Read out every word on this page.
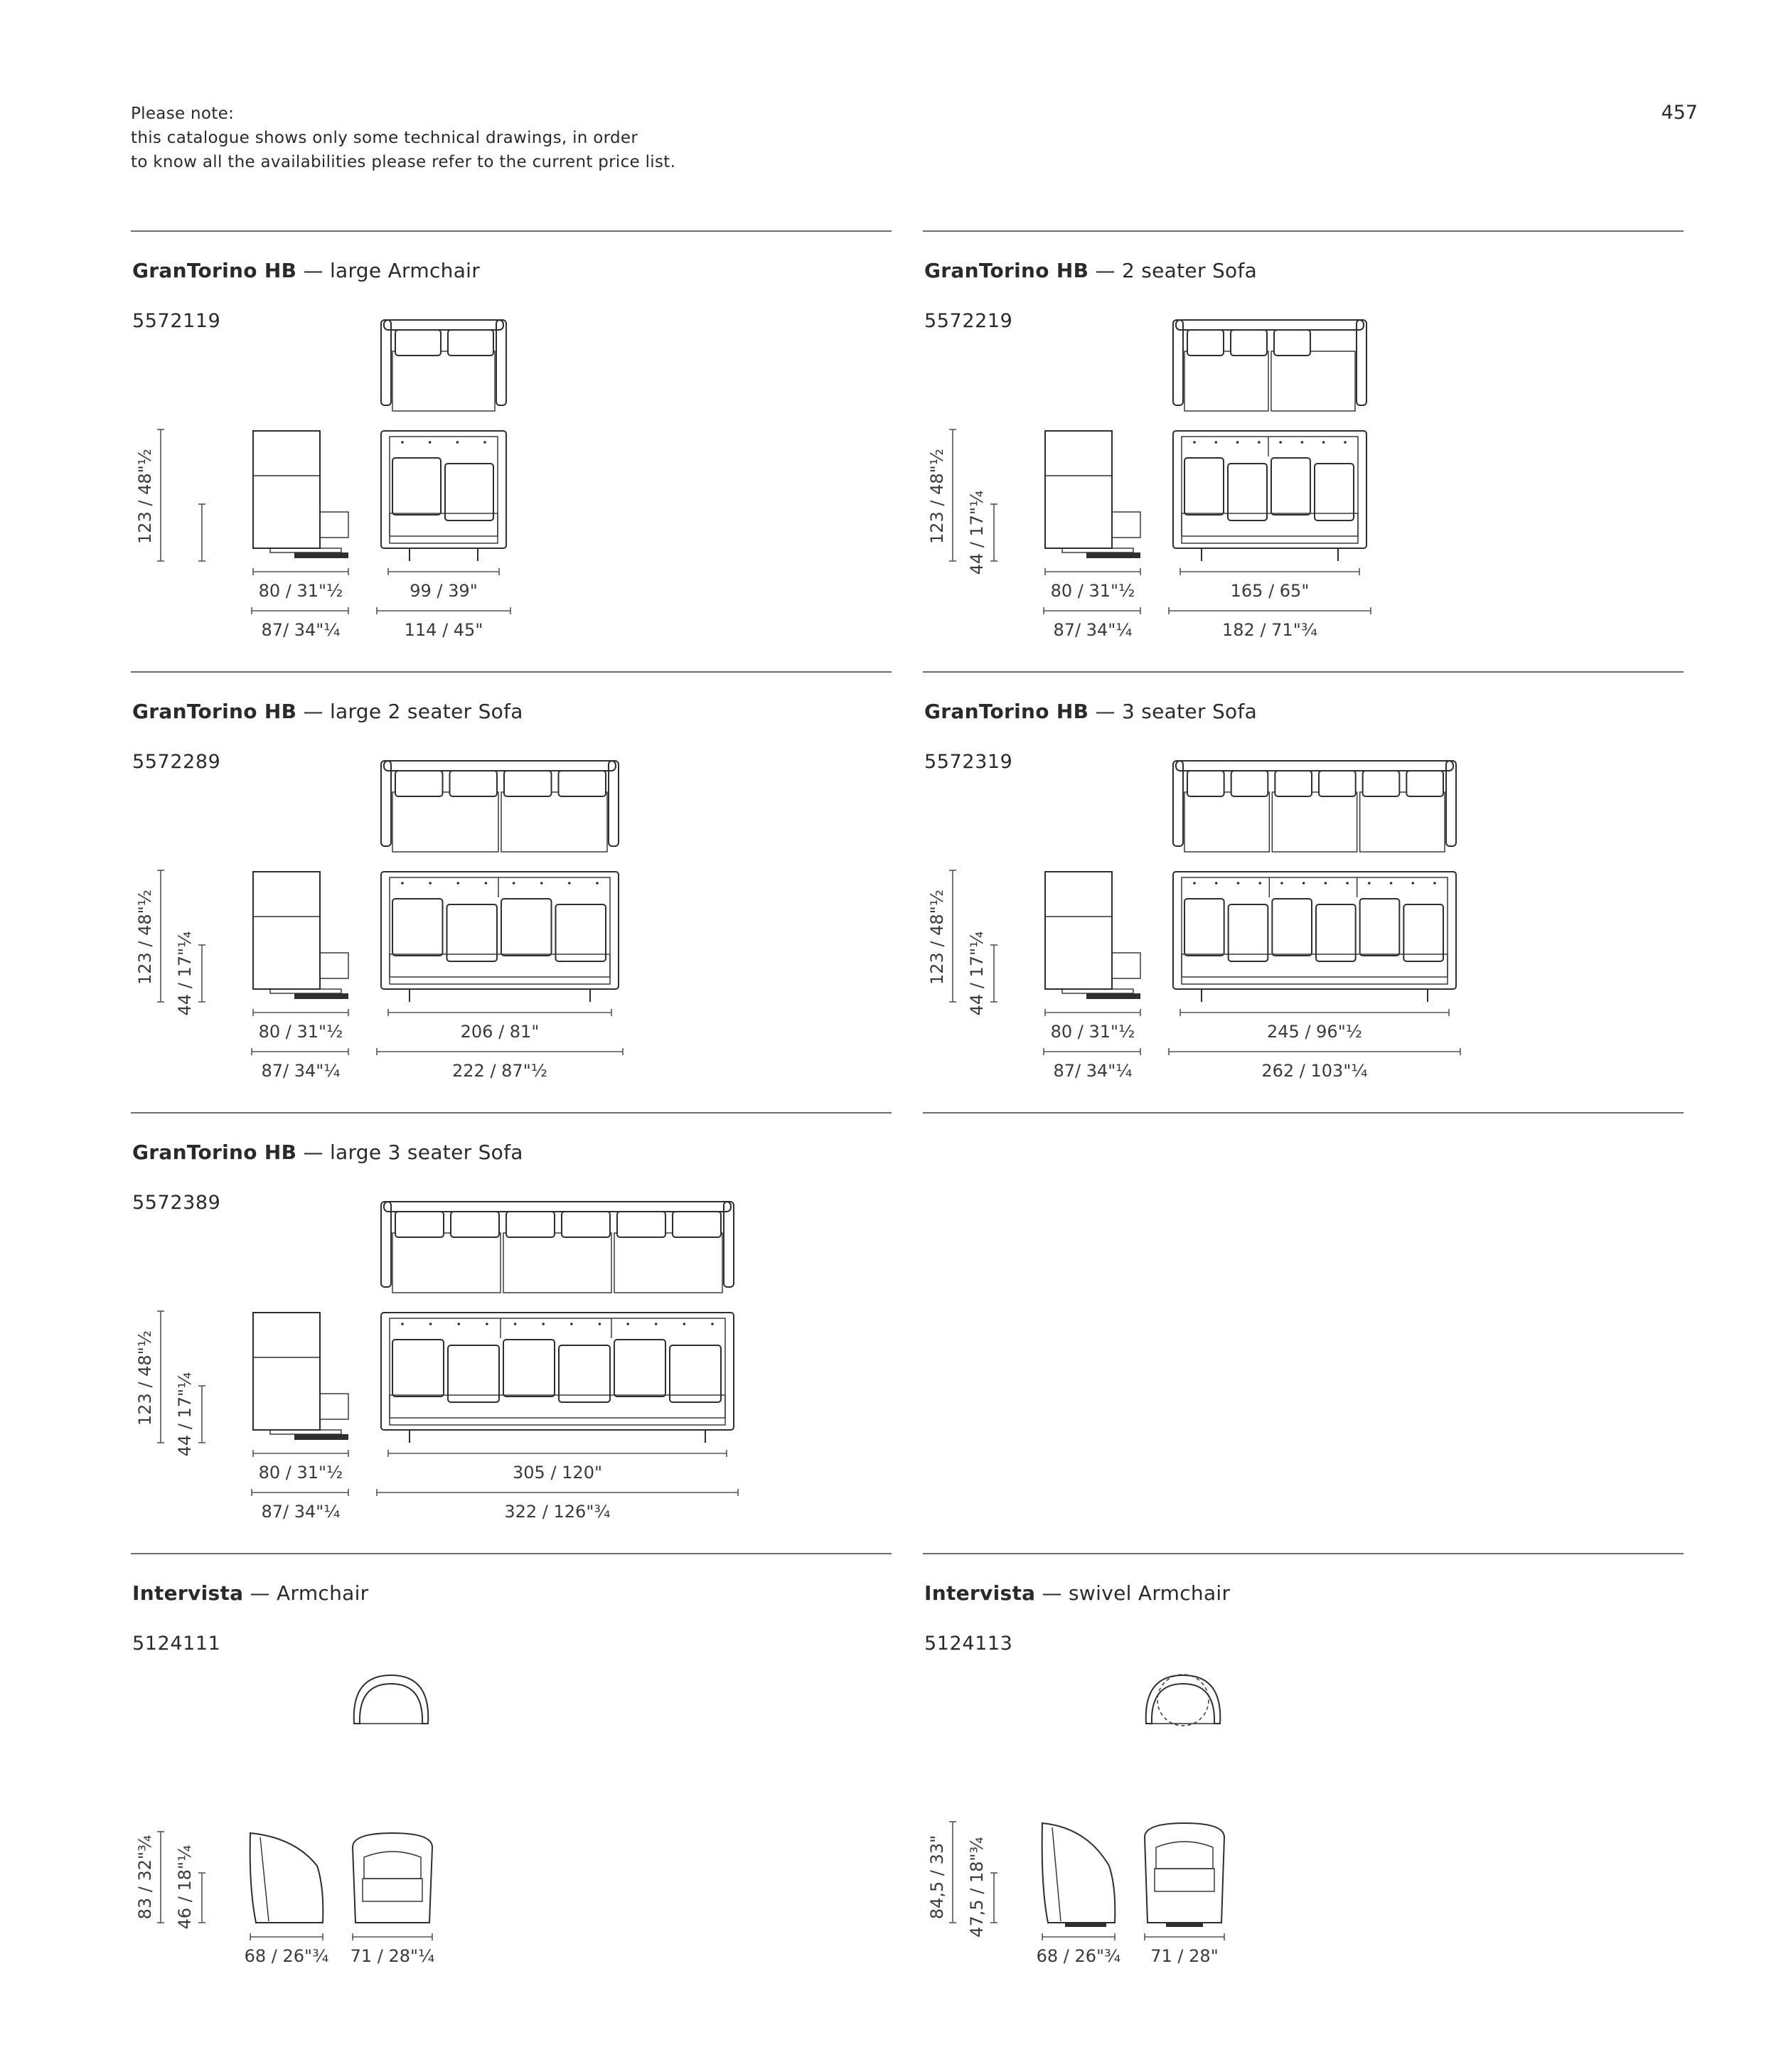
Please note:
this catalogue shows only some technical drawings, in order
to know all the availabilities please refer to the current price list.
457
GranTorino HB — large Armchair
5572119
123 / 48"½
80 / 31"½
87/ 34"¼
99 / 39"
114 / 45"
GranTorino HB — 2 seater Sofa
5572219
123 / 48"½ 44 / 17"¼
80 / 31"½
87/ 34"¼
165 / 65"
182 / 71"¾
GranTorino HB — large 2 seater Sofa
5572289
123 / 48"½ 44 / 17"¼
80 / 31"½
87/ 34"¼
206 / 81"
222 / 87"½
GranTorino HB — 3 seater Sofa
5572319
123 / 48"½ 44 / 17"¼
80 / 31"½
87/ 34"¼
245 / 96"½
262 / 103"¼
GranTorino HB — large 3 seater Sofa
5572389
123 / 48"½ 44 / 17"¼
80 / 31"½
87/ 34"¼
305 / 120"
322 / 126"¾
Intervista — Armchair
5124111
83 / 32"¾ 46 / 18"¼
68 / 26"¾ 71 / 28"¼
Intervista — swivel Armchair
5124113
84,5 / 33" 47,5 / 18"¾
68 / 26"¾ 71 / 28"
